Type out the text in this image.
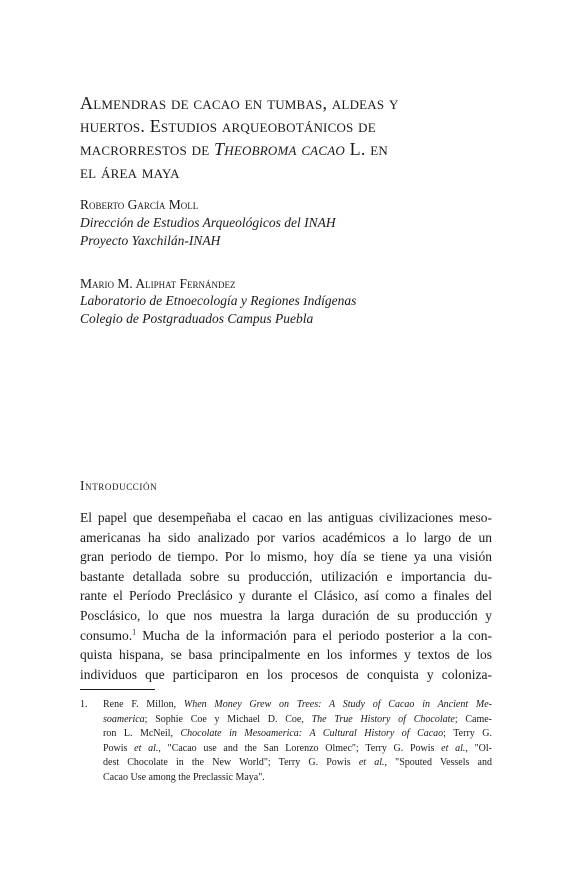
Almendras de cacao en tumbas, aldeas y
huertos. Estudios arqueobotánicos de
macrorrestos de Theobroma cacao L. en
el área maya

Roberto García Moll

Dirección de Estudios Arqueológicos del INAH

Proyecto Yaxchilán-INAH

Mario M. Aliphat Fernández

Laboratorio de Etnoecología y Regiones Indígenas

Colegio de Postgraduados Campus Puebla

Introducción
El papel que desempeñaba el cacao en las antiguas civilizaciones meso-
americanas ha sido analizado por varios académicos a lo largo de un
gran periodo de tiempo. Por lo mismo, hoy día se tiene ya una visión
bastante detallada sobre su producción, utilización e importancia du-
rante el Período Preclásico y durante el Clásico, así como a finales del
Posclásico, lo que nos muestra la larga duración de su producción y
consumo.$^1$ Mucha de la información para el periodo posterior a la con-
quista hispana, se basa principalmente en los informes y textos de los
individuos que participaron en los procesos de conquista y coloniza-
1. Rene F. Millon, When Money Grew on Trees: A Study of Cacao in Ancient Me-
soamerica; Sophie Coe y Michael D. Coe, The True History of Chocolate; Came-
ron L. McNeil, Chocolate in Mesoamerica: A Cultural History of Cacao; Terry G.
Powis et al., "Cacao use and the San Lorenzo Olmec"; Terry G. Powis et al., "Ol-
dest Chocolate in the New World"; Terry G. Powis et al., "Spouted Vessels and
Cacao Use among the Preclassic Maya".
